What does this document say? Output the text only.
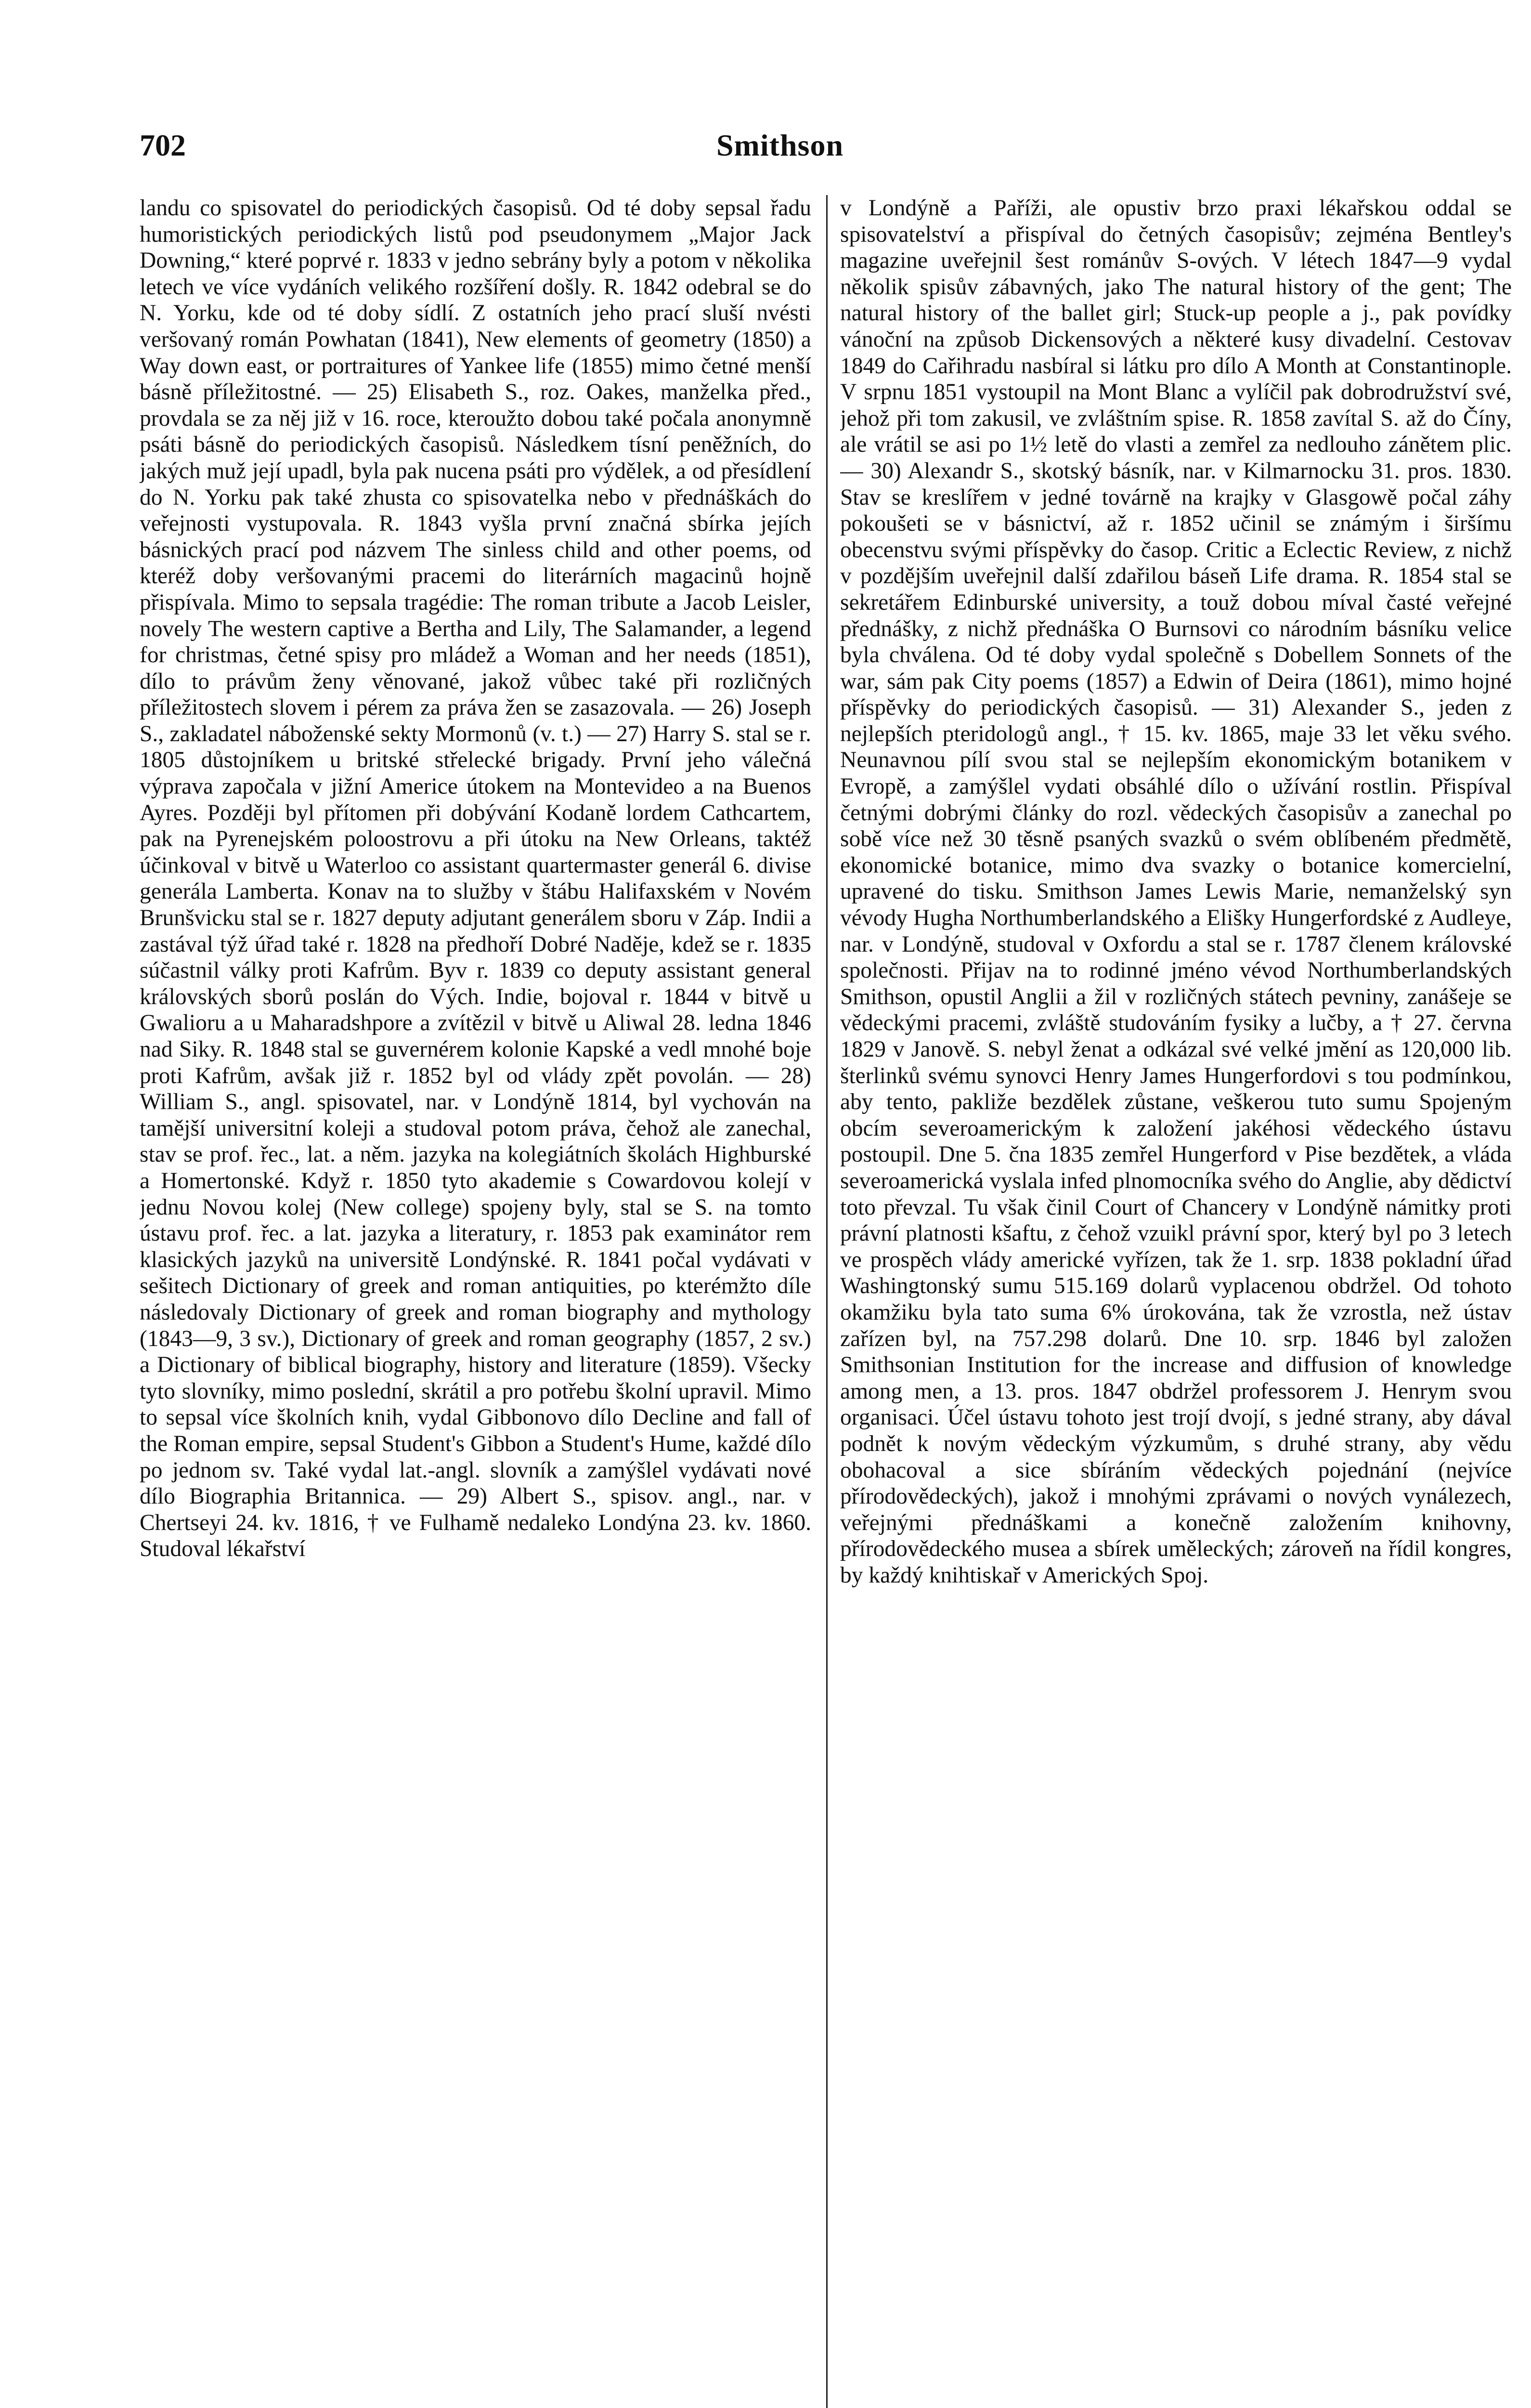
702	Smithson

landu co spisovatel do periodických časopisů. Od té doby sepsal řadu humoristických periodických listů pod pseudonymem „Major Jack Downing,“ které poprvé r. 1833 v jedno sebrány byly a potom v několika letech ve více vydáních velikého rozšíření došly. R. 1842 odebral se do N. Yorku, kde od té doby sídlí. Z ostatních jeho prací sluší nvésti veršovaný román Powhatan (1841), New elements of geometry (1850) a Way down east, or portraitures of Yankee life (1855) mimo četné menší básně příležitostné. — 25) Elisabeth S., roz. Oakes, manželka před., provdala se za něj již v 16. roce, kteroužto dobou také počala anonymně psáti básně do periodických časopisů. Následkem tísní peněžních, do jakých muž její upadl, byla pak nucena psáti pro výdělek, a od přesídlení do N. Yorku pak také zhusta co spisovatelka nebo v přednáškách do veřejnosti vystupovala. R. 1843 vyšla první značná sbírka jejích básnických prací pod názvem The sinless child and other poems, od kteréž doby veršovanými pracemi do literárních magacinů hojně přispívala. Mimo to sepsala tragédie: The roman tribute a Jacob Leisler, novely The western captive a Bertha and Lily, The Salamander, a legend for christmas, četné spisy pro mládež a Woman and her needs (1851), dílo to právům ženy věnované, jakož vůbec také při rozličných příležitostech slovem i pérem za práva žen se zasazovala. — 26) Joseph S., zakladatel náboženské sekty Mormonů (v. t.) — 27) Harry S. stal se r. 1805 důstojníkem u britské střelecké brigady. První jeho válečná výprava započala v jižní Americe útokem na Montevideo a na Buenos Ayres. Později byl přítomen při dobývání Kodaně lordem Cathcartem, pak na Pyrenejském poloostrovu a při útoku na New Orleans, taktéž účinkoval v bitvě u Waterloo co assistant quartermaster generál 6. divise generála Lamberta. Konav na to služby v štábu Halifaxském v Novém Brunšvicku stal se r. 1827 deputy adjutant generálem sboru v Záp. Indii a zastával týž úřad také r. 1828 na předhoří Dobré Naděje, kdež se r. 1835 súčastnil války proti Kafrům. Byv r. 1839 co deputy assistant general královských sborů poslán do Vých. Indie, bojoval r. 1844 v bitvě u Gwalioru a u Maharadshpore a zvítězil v bitvě u Aliwal 28. ledna 1846 nad Siky. R. 1848 stal se guvernérem kolonie Kapské a vedl mnohé boje proti Kafrům, avšak již r. 1852 byl od vlády zpět povolán. — 28) William S., angl. spisovatel, nar. v Londýně 1814, byl vychován na tamější universitní koleji a studoval potom práva, čehož ale zanechal, stav se prof. řec., lat. a něm. jazyka na kolegiátních školách Highburské a Homertonské. Když r. 1850 tyto akademie s Cowardovou kolejí v jednu Novou kolej (New college) spojeny byly, stal se S. na tomto ústavu prof. řec. a lat. jazyka a literatury, r. 1853 pak examinátor rem klasických jazyků na universitě Londýnské. R. 1841 počal vydávati v sešitech Dictionary of greek and roman antiquities, po kterémžto díle následovaly Dictionary of greek and roman biography and mythology (1843—9, 3 sv.), Dictionary of greek and roman geography (1857, 2 sv.) a Dictionary of biblical biography, history and literature (1859). Všecky tyto slovníky, mimo poslední, skrátil a pro potřebu školní upravil. Mimo to sepsal více školních knih, vydal Gibbonovo dílo Decline and fall of the Roman empire, sepsal Student's Gibbon a Student's Hume, každé dílo po jednom sv. Také vydal lat.-angl. slovník a zamýšlel vydávati nové dílo Biographia Britannica. — 29) Albert S., spisov. angl., nar. v Chertseyi 24. kv. 1816, † ve Fulhamě nedaleko Londýna 23. kv. 1860. Studoval lékařství

v Londýně a Paříži, ale opustiv brzo praxi lékařskou oddal se spisovatelství a přispíval do četných časopisův; zejména Bentley's magazine uveřejnil šest románův S-ových. V létech 1847—9 vydal několik spisův zábavných, jako The natural history of the gent; The natural history of the ballet girl; Stuck-up people a j., pak povídky vánoční na způsob Dickensových a některé kusy divadelní. Cestovav 1849 do Cařihradu nasbíral si látku pro dílo A Month at Constantinople. V srpnu 1851 vystoupil na Mont Blanc a vylíčil pak dobrodružství své, jehož při tom zakusil, ve zvláštním spise. R. 1858 zavítal S. až do Číny, ale vrátil se asi po 1½ letě do vlasti a zemřel za nedlouho zánětem plic. — 30) Alexandr S., skotský básník, nar. v Kilmarnocku 31. pros. 1830. Stav se kreslířem v jedné továrně na krajky v Glasgowě počal záhy pokoušeti se v básnictví, až r. 1852 učinil se známým i širšímu obecenstvu svými příspěvky do časop. Critic a Eclectic Review, z nichž v pozdějším uveřejnil další zdařilou báseň Life drama. R. 1854 stal se sekretářem Edinburské university, a touž dobou míval časté veřejné přednášky, z nichž přednáška O Burnsovi co národním básníku velice byla chválena. Od té doby vydal společně s Dobellem Sonnets of the war, sám pak City poems (1857) a Edwin of Deira (1861), mimo hojné příspěvky do periodických časopisů. — 31) Alexander S., jeden z nejlepších pteridologů angl., † 15. kv. 1865, maje 33 let věku svého. Neunavnou pílí svou stal se nejlepším ekonomickým botanikem v Evropě, a zamýšlel vydati obsáhlé dílo o užívání rostlin. Přispíval četnými dobrými články do rozl. vědeckých časopisův a zanechal po sobě více než 30 těsně psaných svazků o svém oblíbeném předmětě, ekonomické botanice, mimo dva svazky o botanice komercielní, upravené do tisku. Smithson James Lewis Marie, nemanželský syn vévody Hugha Northumberlandského a Elišky Hungerfordské z Audleye, nar. v Londýně, studoval v Oxfordu a stal se r. 1787 členem královské společnosti. Přijav na to rodinné jméno vévod Northumberlandských Smithson, opustil Anglii a žil v rozličných státech pevniny, zanášeje se vědeckými pracemi, zvláště studováním fysiky a lučby, a † 27. června 1829 v Janově. S. nebyl ženat a odkázal své velké jmění as 120,000 lib. šterlinků svému synovci Henry James Hungerfordovi s tou podmínkou, aby tento, pakliže bezdělek zůstane, veškerou tuto sumu Spojeným obcím severoamerickým k založení jakéhosi vědeckého ústavu postoupil. Dne 5. čna 1835 zemřel Hungerford v Pise bezdětek, a vláda severoamerická vyslala infed plnomocníka svého do Anglie, aby dědictví toto převzal. Tu však činil Court of Chancery v Londýně námitky proti právní platnosti kšaftu, z čehož vzuikl právní spor, který byl po 3 letech ve prospěch vlády americké vyřízen, tak že 1. srp. 1838 pokladní úřad Washingtonský sumu 515.169 dolarů vyplacenou obdržel. Od tohoto okamžiku byla tato suma 6% úrokována, tak že vzrostla, než ústav zařízen byl, na 757.298 dolarů. Dne 10. srp. 1846 byl založen Smithsonian Institution for the increase and diffusion of knowledge among men, a 13. pros. 1847 obdržel professorem J. Henrym svou organisaci. Účel ústavu tohoto jest trojí dvojí, s jedné strany, aby dával podnět k novým vědeckým výzkumům, s druhé strany, aby vědu obohacoval a sice sbíráním vědeckých pojednání (nejvíce přírodovědeckých), jakož i mnohými zprávami o nových vynálezech, veřejnými přednáškami a konečně založením knihovny, přírodovědeckého musea a sbírek uměleckých; zároveň na řídil kongres, by každý knihtiskař v Amerických Spoj.
